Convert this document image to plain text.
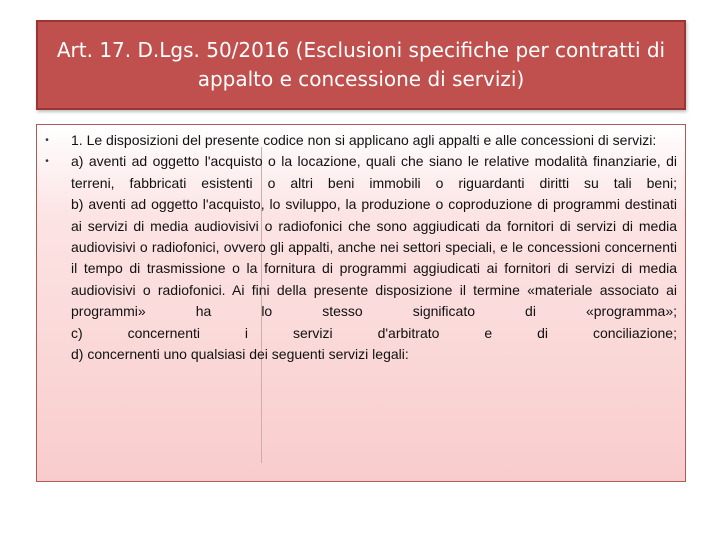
Art. 17. D.Lgs. 50/2016 (Esclusioni specifiche per contratti di appalto e concessione di servizi)
•	1. Le disposizioni del presente codice non si applicano agli appalti e alle concessioni di servizi:
•	a) aventi ad oggetto l'acquisto o la locazione, quali che siano le relative modalità finanziarie, di terreni, fabbricati esistenti o altri beni immobili o riguardanti diritti su tali beni;
b) aventi ad oggetto l'acquisto, lo sviluppo, la produzione o coproduzione di programmi destinati ai servizi di media audiovisivi o radiofonici che sono aggiudicati da fornitori di servizi di media audiovisivi o radiofonici, ovvero gli appalti, anche nei settori speciali, e le concessioni concernenti il tempo di trasmissione o la fornitura di programmi aggiudicati ai fornitori di servizi di media audiovisivi o radiofonici. Ai fini della presente disposizione il termine «materiale associato ai programmi» ha lo stesso significato di «programma»;
c) concernenti i servizi d'arbitrato e di conciliazione;
d) concernenti uno qualsiasi dei seguenti servizi legali:
